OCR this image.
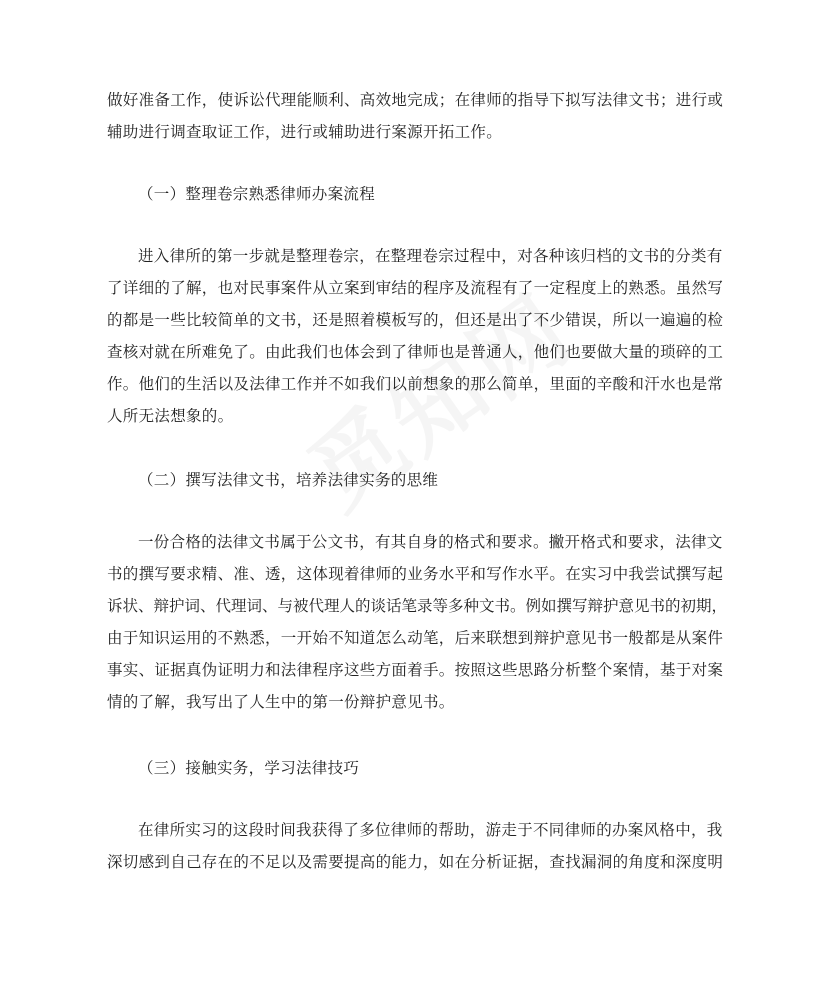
做好准备工作，使诉讼代理能顺利、高效地完成；在律师的指导下拟写法律文书；进行或
辅助进行调查取证工作，进行或辅助进行案源开拓工作。

（一）整理卷宗熟悉律师办案流程

进入律所的第一步就是整理卷宗，在整理卷宗过程中，对各种该归档的文书的分类有
了详细的了解，也对民事案件从立案到审结的程序及流程有了一定程度上的熟悉。虽然写
的都是一些比较简单的文书，还是照着模板写的，但还是出了不少错误，所以一遍遍的检
查核对就在所难免了。由此我们也体会到了律师也是普通人，他们也要做大量的琐碎的工
作。他们的生活以及法律工作并不如我们以前想象的那么简单，里面的辛酸和汗水也是常
人所无法想象的。

（二）撰写法律文书，培养法律实务的思维

一份合格的法律文书属于公文书，有其自身的格式和要求。撇开格式和要求，法律文
书的撰写要求精、准、透，这体现着律师的业务水平和写作水平。在实习中我尝试撰写起
诉状、辩护词、代理词、与被代理人的谈话笔录等多种文书。例如撰写辩护意见书的初期，
由于知识运用的不熟悉，一开始不知道怎么动笔，后来联想到辩护意见书一般都是从案件
事实、证据真伪证明力和法律程序这些方面着手。按照这些思路分析整个案情，基于对案
情的了解，我写出了人生中的第一份辩护意见书。

（三）接触实务，学习法律技巧

在律所实习的这段时间我获得了多位律师的帮助，游走于不同律师的办案风格中，我
深切感到自己存在的不足以及需要提高的能力，如在分析证据，查找漏洞的角度和深度明
